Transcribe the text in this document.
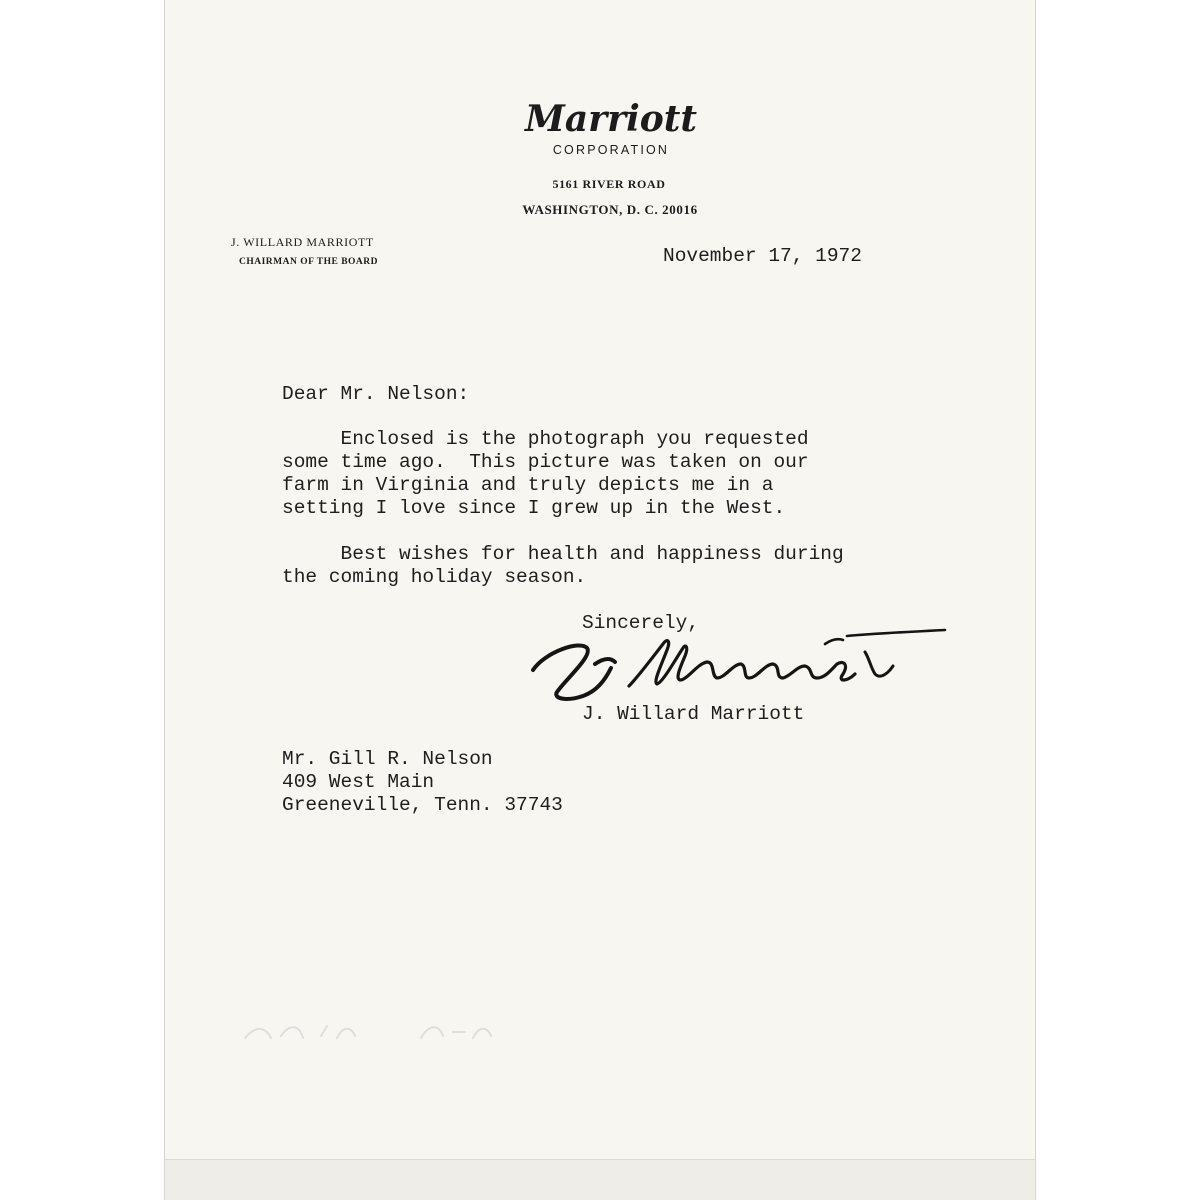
Marriott
CORPORATION
5161 RIVER ROAD
WASHINGTON, D. C. 20016
J. WILLARD MARRIOTT
CHAIRMAN OF THE BOARD	November 17, 1972
Dear Mr. Nelson:
Enclosed is the photograph you requested
some time ago.  This picture was taken on our
farm in Virginia and truly depicts me in a
setting I love since I grew up in the West.
Best wishes for health and happiness during
the coming holiday season.
Sincerely,
J. Willard Marriott
Mr. Gill R. Nelson
409 West Main
Greeneville, Tenn. 37743
